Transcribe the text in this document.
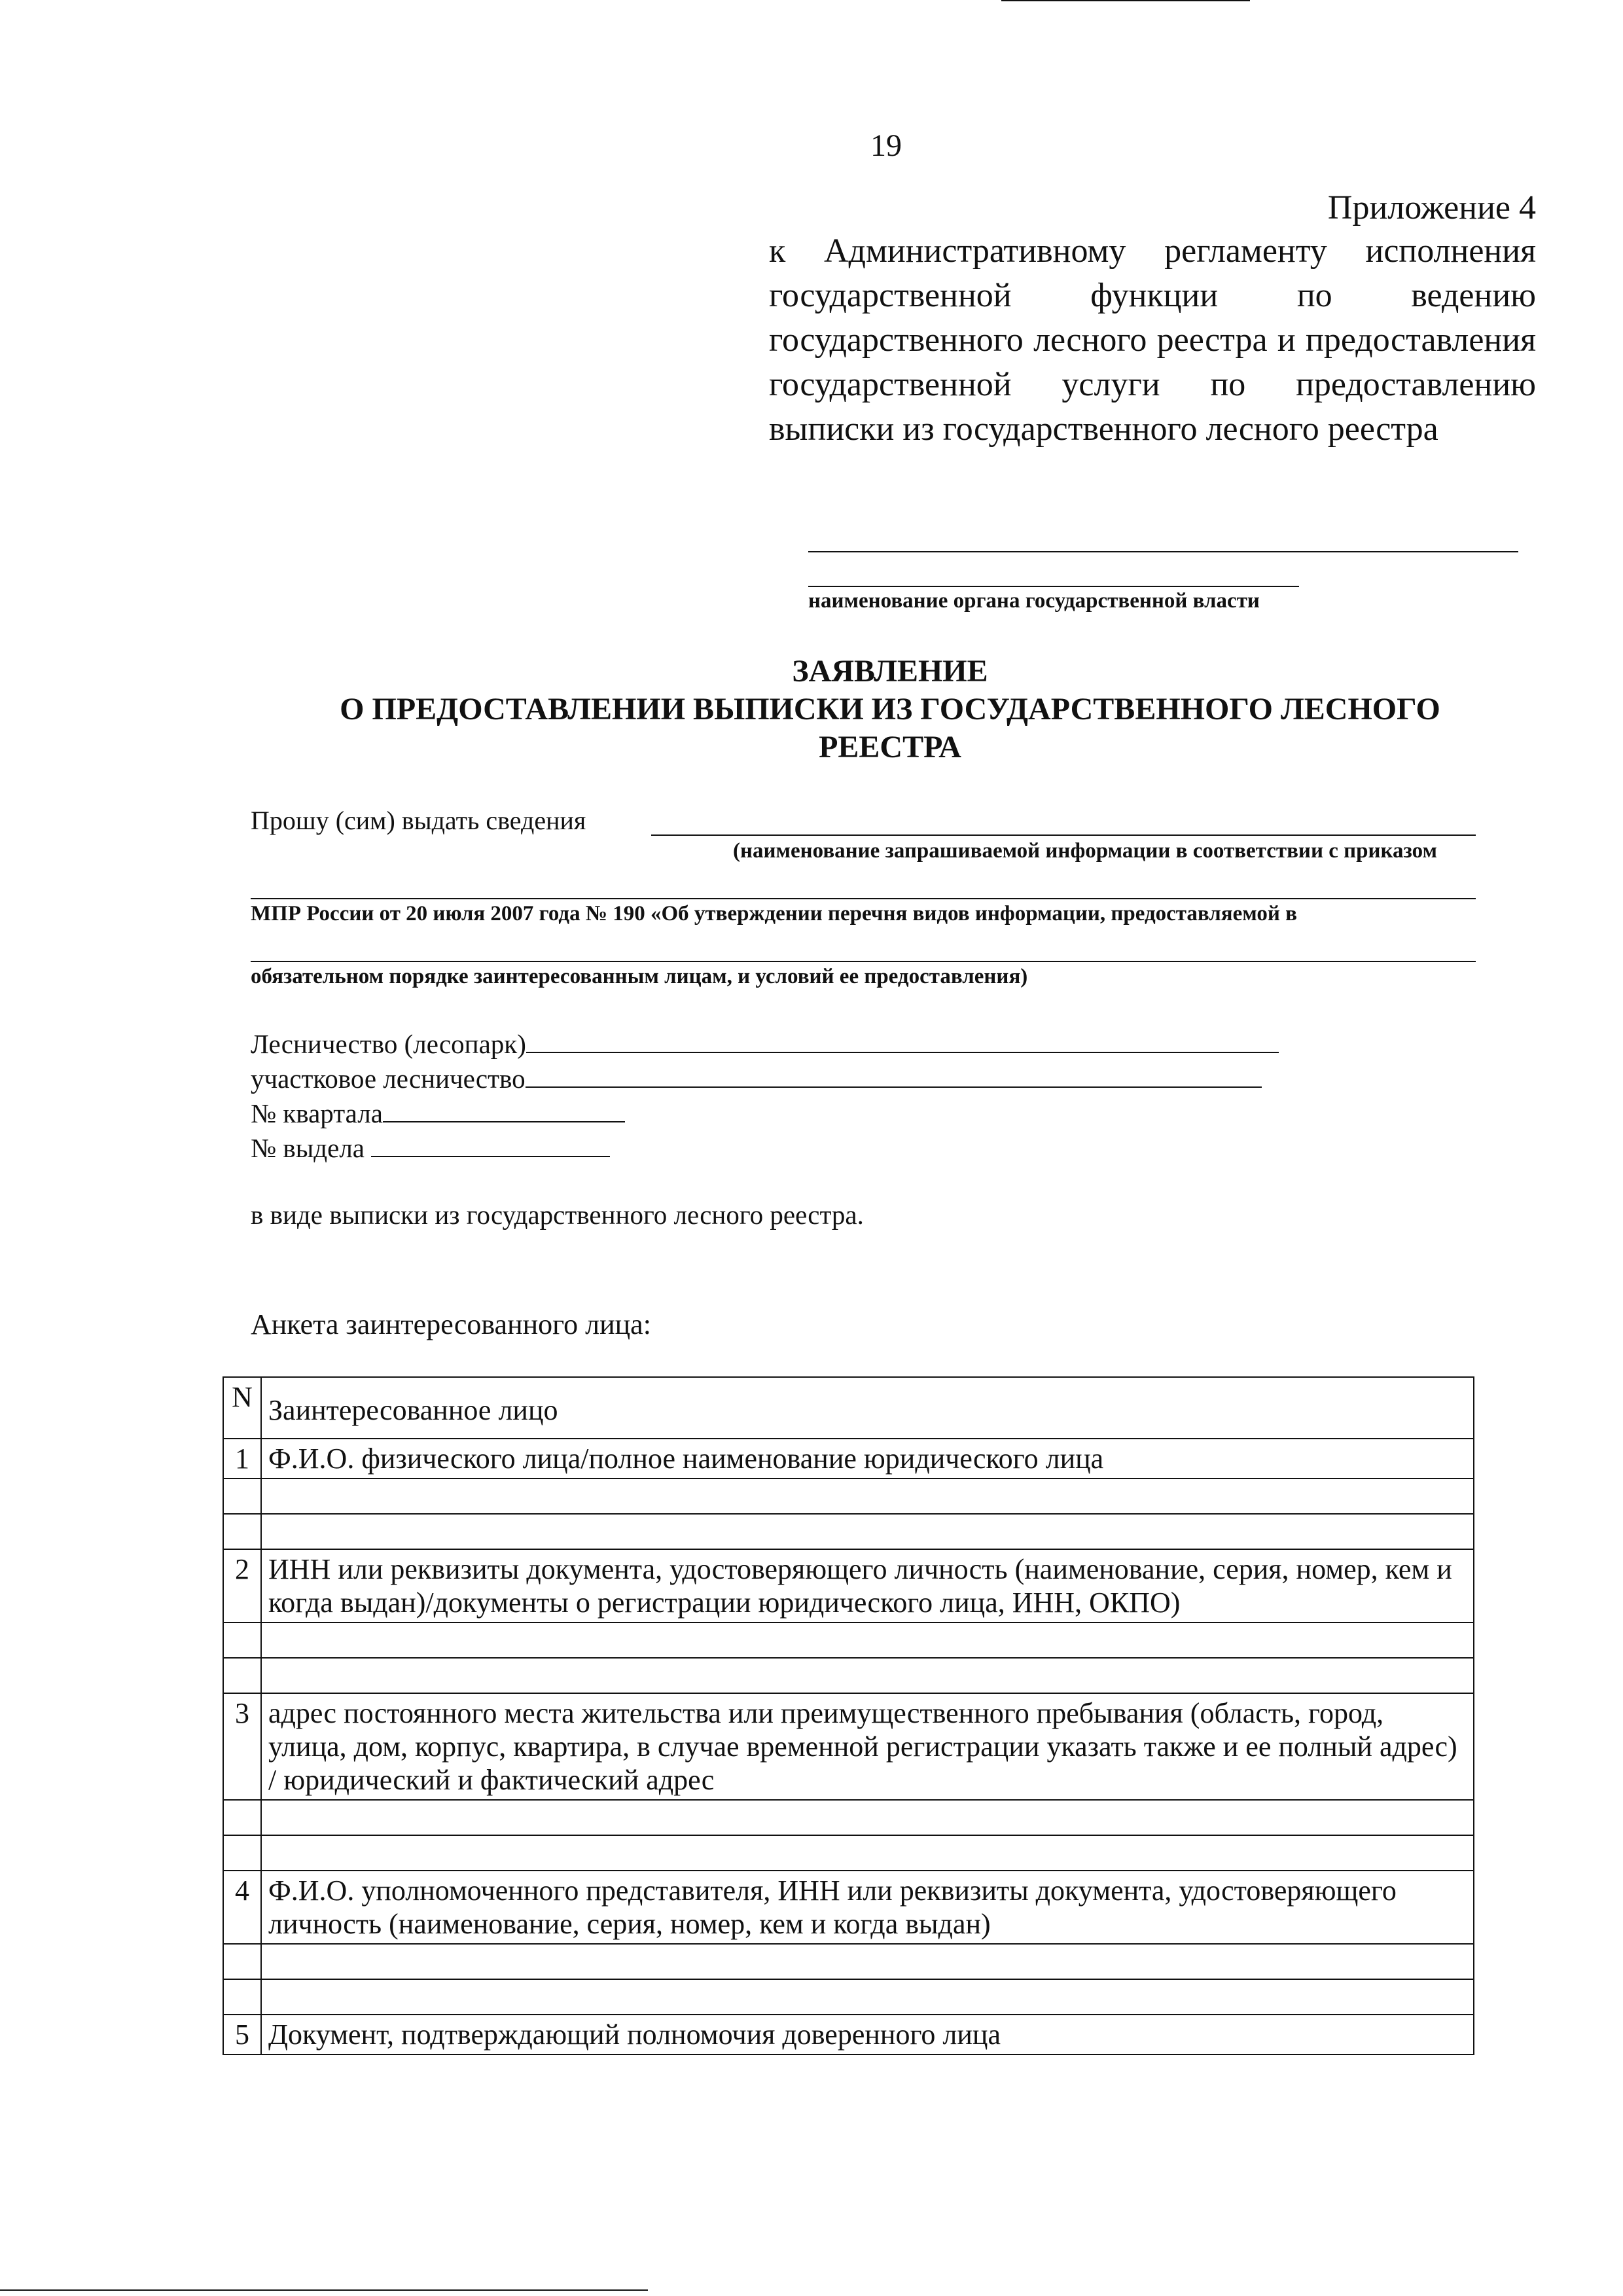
19
Приложение 4
к Административному регламенту исполнения государственной функции по ведению государственного лесного реестра и предоставления государственной услуги по предоставлению выписки из государственного лесного реестра
наименование органа государственной власти
ЗАЯВЛЕНИЕ
О ПРЕДОСТАВЛЕНИИ ВЫПИСКИ ИЗ ГОСУДАРСТВЕННОГО ЛЕСНОГО
РЕЕСТРА
Прошу (сим) выдать сведения
(наименование запрашиваемой информации в соответствии с приказом
МПР России от 20 июля 2007 года № 190 «Об утверждении перечня видов информации, предоставляемой в
обязательном порядке заинтересованным лицам, и условий ее предоставления)
Лесничество (лесопарк)
участковое лесничество
№ квартала
№ выдела
в виде выписки из государственного лесного реестра.
Анкета заинтересованного лица:
N	Заинтересованное лицо
1	Ф.И.О. физического лица/полное наименование юридического лица

2	ИНН или реквизиты документа, удостоверяющего личность (наименование, серия, номер, кем и когда выдан)/документы о регистрации юридического лица, ИНН, ОКПО)

3	адрес постоянного места жительства или преимущественного пребывания (область, город, улица, дом, корпус, квартира, в случае временной регистрации указать также и ее полный адрес) / юридический и фактический адрес

4	Ф.И.О. уполномоченного представителя, ИНН или реквизиты документа, удостоверяющего личность (наименование, серия, номер, кем и когда выдан)

5	Документ, подтверждающий полномочия доверенного лица
